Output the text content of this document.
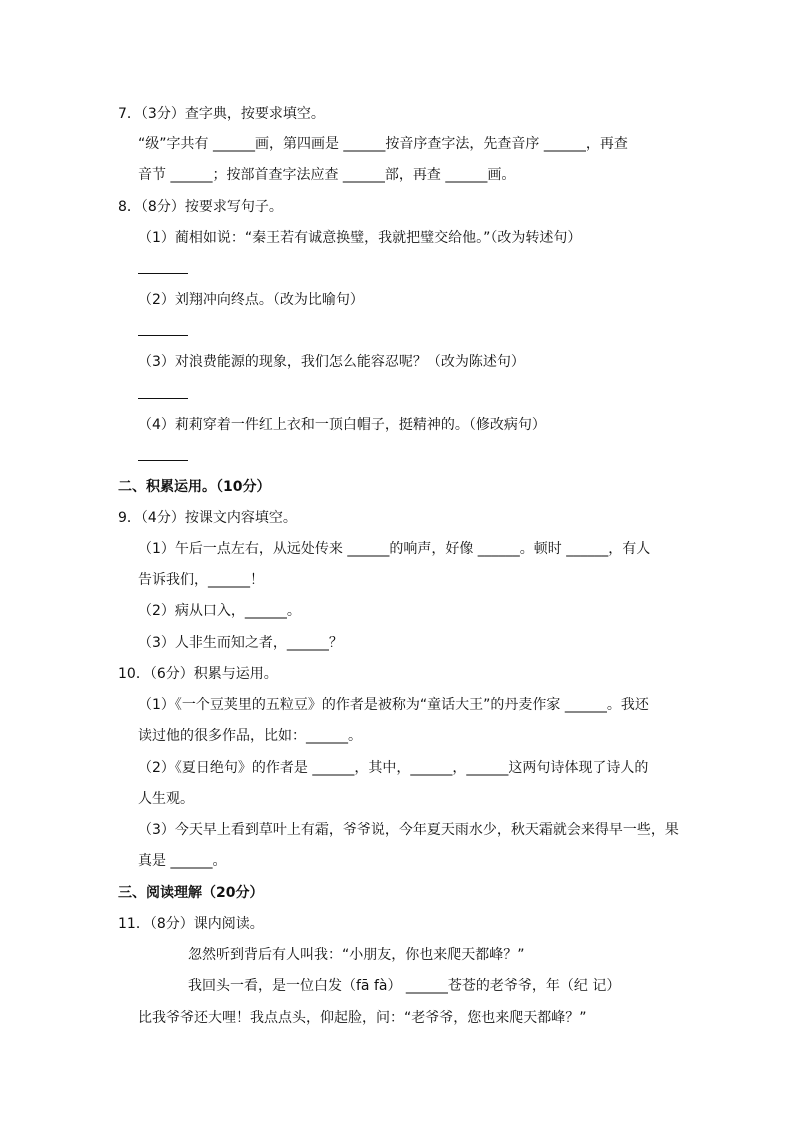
7．（3分）查字典，按要求填空。
“级”字共有 ______画，第四画是 ______按音序查字法，先查音序 ______，再查
音节 ______；按部首查字法应查 ______部，再查 ______画。
8．（8分）按要求写句子。
（1）蔺相如说：“秦王若有诚意换璧，我就把璧交给他。”（改为转述句）
（2）刘翔冲向终点。（改为比喻句）
（3）对浪费能源的现象，我们怎么能容忍呢？（改为陈述句）
（4）莉莉穿着一件红上衣和一顶白帽子，挺精神的。（修改病句）
二、积累运用。（10分）
9．（4分）按课文内容填空。
（1）午后一点左右，从远处传来 ______的响声，好像 ______。顿时 ______，有人
告诉我们，______！
（2）病从口入，______。
（3）人非生而知之者，______？
10．（6分）积累与运用。
（1）《一个豆荚里的五粒豆》的作者是被称为“童话大王”的丹麦作家 ______。我还
读过他的很多作品，比如：______。
（2）《夏日绝句》的作者是 ______，其中，______，______这两句诗体现了诗人的
人生观。
（3）今天早上看到草叶上有霜，爷爷说，今年夏天雨水少，秋天霜就会来得早一些，果
真是 ______。
三、阅读理解（20分）
11．（8分）课内阅读。
忽然听到背后有人叫我：“小朋友，你也来爬天都峰？”
我回头一看，是一位白发（fā fà） ______苍苍的老爷爷，年（纪 记）
比我爷爷还大哩！我点点头，仰起脸，问：“老爷爷，您也来爬天都峰？”
